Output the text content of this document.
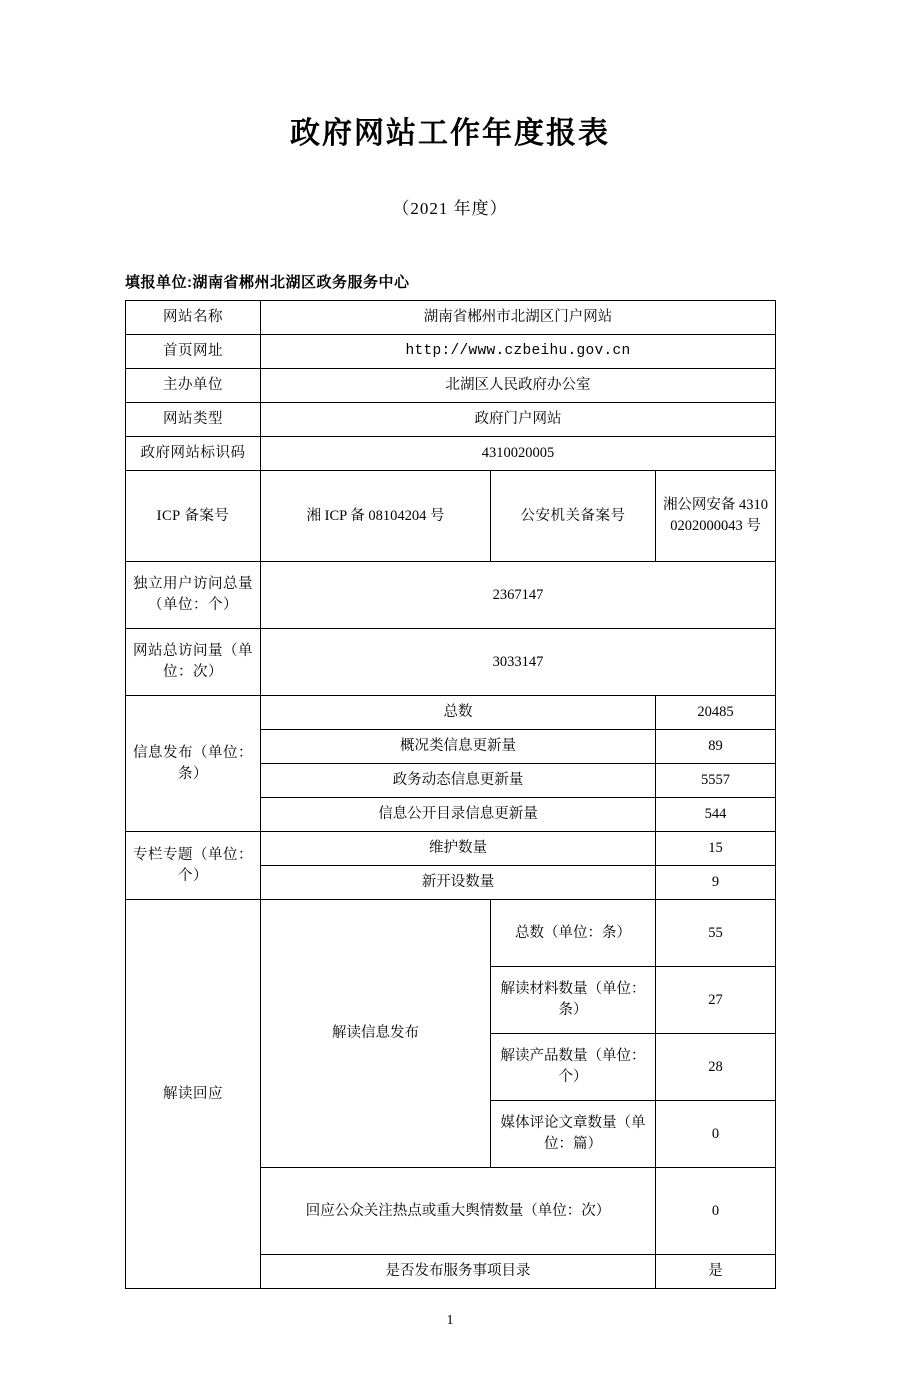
政府网站工作年度报表
（2021 年度）
填报单位:湖南省郴州北湖区政务服务中心
网站名称	湖南省郴州市北湖区门户网站		
首页网址	http://www.czbeihu.gov.cn		
主办单位	北湖区人民政府办公室		
网站类型	政府门户网站		
政府网站标识码	4310020005		
ICP 备案号	湘 ICP 备 08104204 号	公安机关备案号	湘公网安备 43100202000043 号
独立用户访问总量（单位：个）	2367147		
网站总访问量（单位：次）	3033147		
信息发布（单位：条）	总数		20485
	概况类信息更新量		89
	政务动态信息更新量		5557
	信息公开目录信息更新量		544
专栏专题（单位：个）	维护数量		15
	新开设数量		9
解读回应	解读信息发布	总数（单位：条）	55
		解读材料数量（单位：条）	27
		解读产品数量（单位：个）	28
		媒体评论文章数量（单位：篇）	0
	回应公众关注热点或重大舆情数量（单位：次）		0
	是否发布服务事项目录		是
1
